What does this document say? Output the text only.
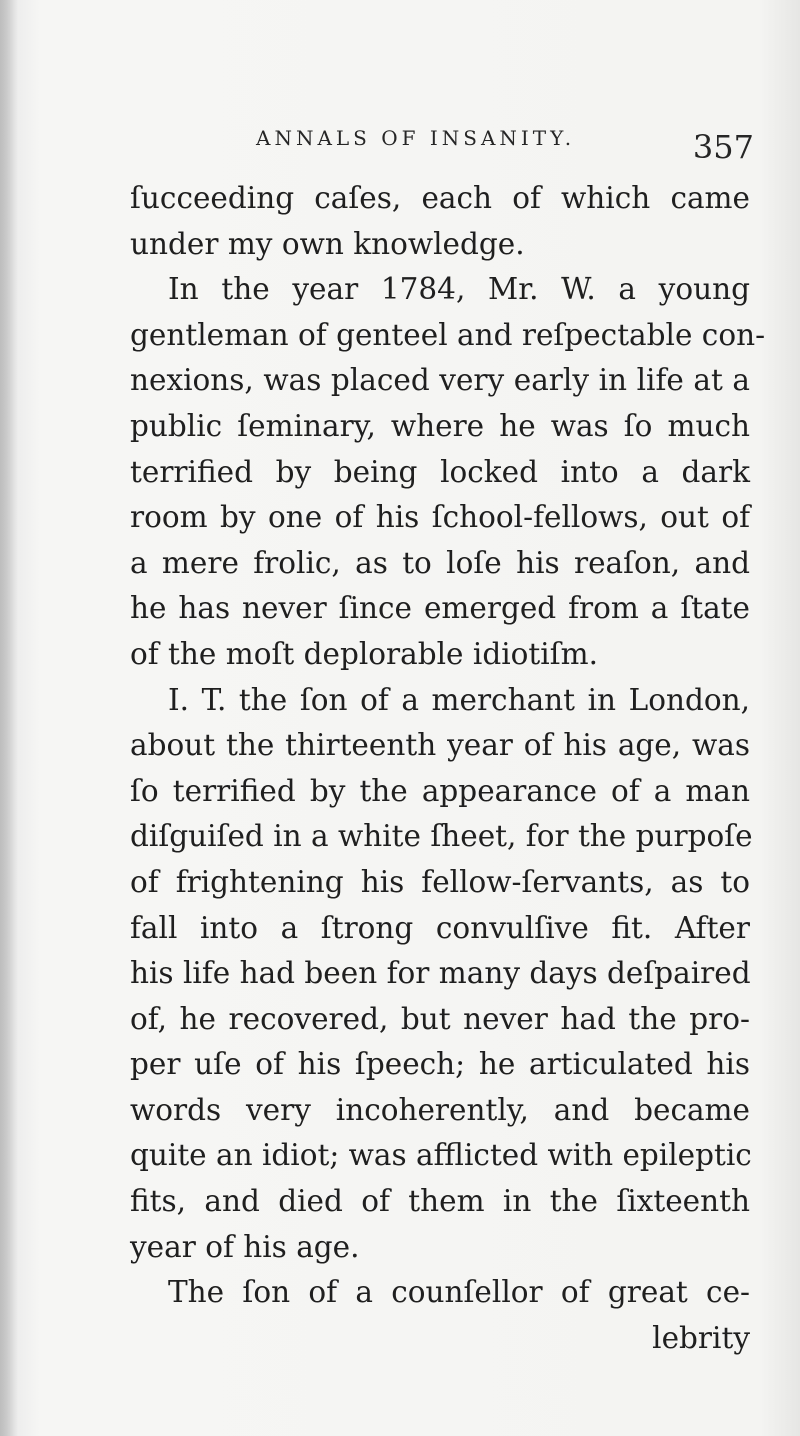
ANNALS OF INSANITY.	357
ſucceeding caſes, each of which came
under my own knowledge.
In the year 1784, Mr. W. a young
gentleman of genteel and reſpectable con-
nexions, was placed very early in life at a
public ſeminary, where he was ſo much
terrified by being locked into a dark
room by one of his ſchool-fellows, out of
a mere frolic, as to loſe his reaſon, and
he has never ſince emerged from a ſtate
of the moſt deplorable idiotiſm.
I. T. the ſon of a merchant in London,
about the thirteenth year of his age, was
ſo terrified by the appearance of a man
diſguiſed in a white ſheet, for the purpoſe
of frightening his fellow-ſervants, as to
fall into a ſtrong convulſive fit. After
his life had been for many days deſpaired
of, he recovered, but never had the pro-
per uſe of his ſpeech; he articulated his
words very incoherently, and became
quite an idiot; was afflicted with epileptic
fits, and died of them in the ſixteenth
year of his age.
The ſon of a counſellor of great ce-
lebrity
